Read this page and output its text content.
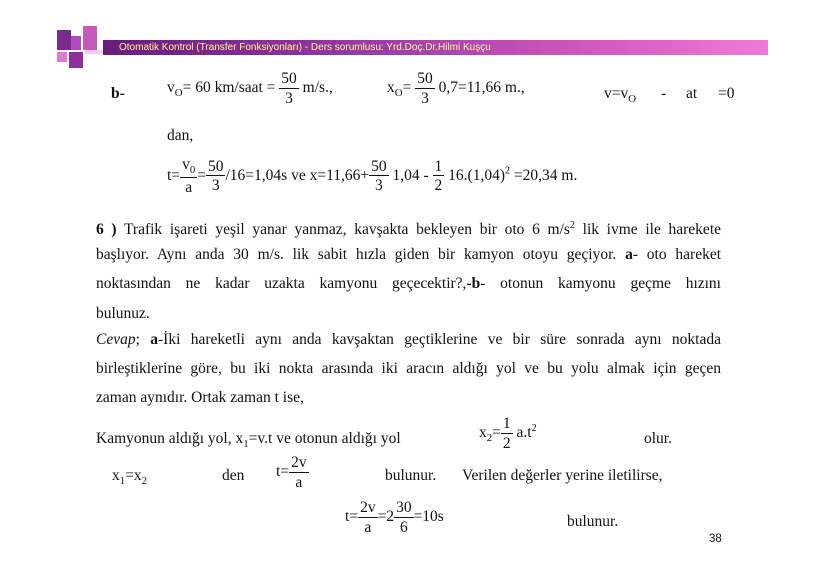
Otomatik Kontrol (Transfer Fonksiyonları) - Ders sorumlusu: Yrd.Doç.Dr.Hilmi Kuşçu
b-	$v_O= 60$ km/saat = $\frac{50}{3} m/s$.,	$x_O= \frac{50}{3} 0,7=11,66$ m.,	$v=v_O$ - at =0
dan,
$t= \frac{v_0}{a} = \frac{50}{3} /16=1,04s$ ve $x=11,66+ \frac{50}{3} 1,04 - \frac{1}{2} 16.(1,04)^2 =20,34$ m.
6 ) Trafik işareti yeşil yanar yanmaz, kavşakta bekleyen bir oto 6 $m/s^2$ lik ivme ile harekete
başlıyor. Aynı anda 30 m/s. lik sabit hızla giden bir kamyon otoyu geçiyor. a- oto hareket
noktasından ne kadar uzakta kamyonu geçecektir?,-b- otonun kamyonu geçme hızını
bulunuz.
Cevap; a-İki hareketli aynı anda kavşaktan geçtiklerine ve bir süre sonrada aynı noktada
birleştiklerine göre, bu iki nokta arasında iki aracın aldığı yol ve bu yolu almak için geçen
zaman aynıdır. Ortak zaman t ise,
Kamyonun aldığı yol, $x_1=v.t$ ve otonun aldığı yol	$x_2= \frac{1}{2} a.t^2$
olur.
$x_1=x_2$	den $t= \frac{2v}{a}$	bulunur. Verilen değerler yerine iletilirse,
$t= \frac{2v}{a} =2 \frac{30}{6} =10s$	bulunur.
38
